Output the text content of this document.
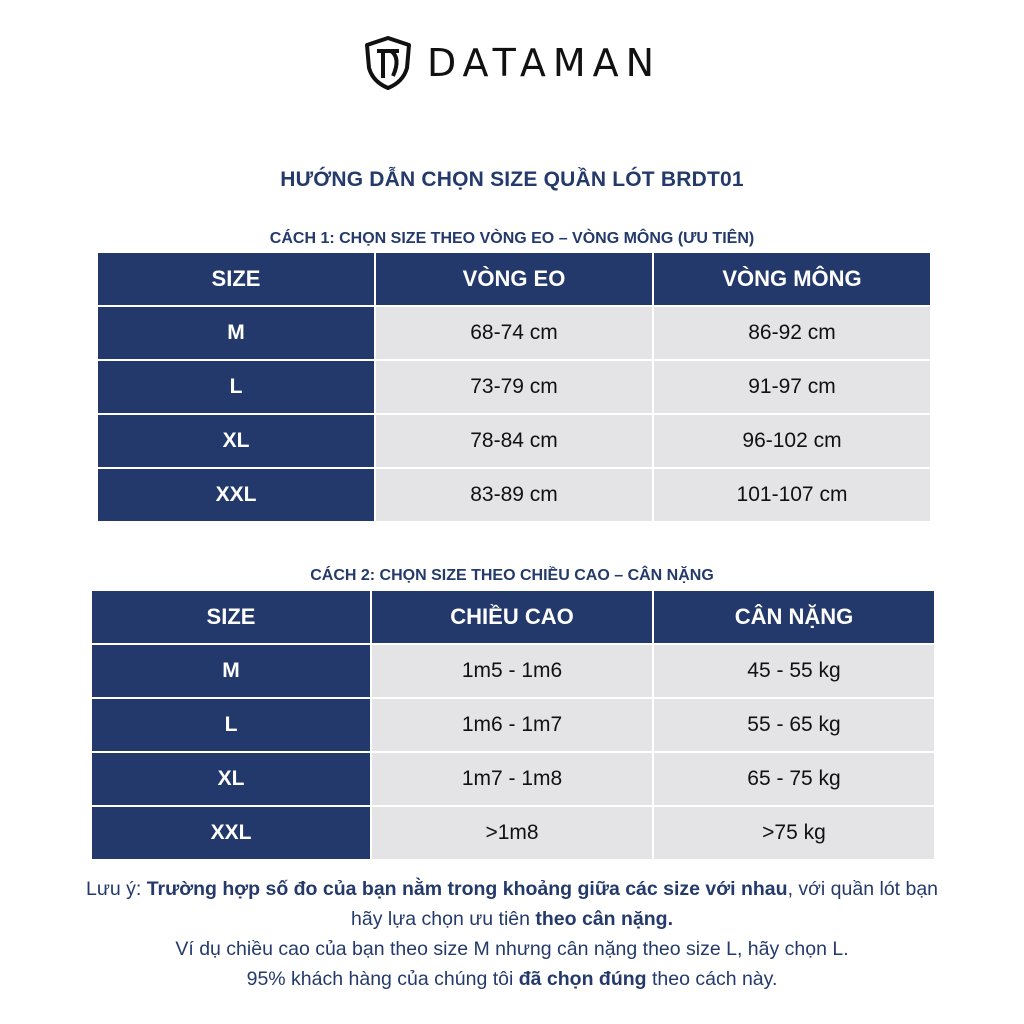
DATAMAN
HƯỚNG DẪN CHỌN SIZE QUẦN LÓT BRDT01
CÁCH 1: CHỌN SIZE THEO VÒNG EO – VÒNG MÔNG (ƯU TIÊN)
SIZE	VÒNG EO	VÒNG MÔNG
M	68-74 cm	86-92 cm
L	73-79 cm	91-97 cm
XL	78-84 cm	96-102 cm
XXL	83-89 cm	101-107 cm
CÁCH 2: CHỌN SIZE THEO CHIỀU CAO – CÂN NẶNG
SIZE	CHIỀU CAO	CÂN NẶNG
M	1m5 - 1m6	45 - 55 kg
L	1m6 - 1m7	55 - 65 kg
XL	1m7 - 1m8	65 - 75 kg
XXL	>1m8	>75 kg
Lưu ý: Trường hợp số đo của bạn nằm trong khoảng giữa các size với nhau, với quần lót bạn
hãy lựa chọn ưu tiên theo cân nặng.
Ví dụ chiều cao của bạn theo size M nhưng cân nặng theo size L, hãy chọn L.
95% khách hàng của chúng tôi đã chọn đúng theo cách này.
